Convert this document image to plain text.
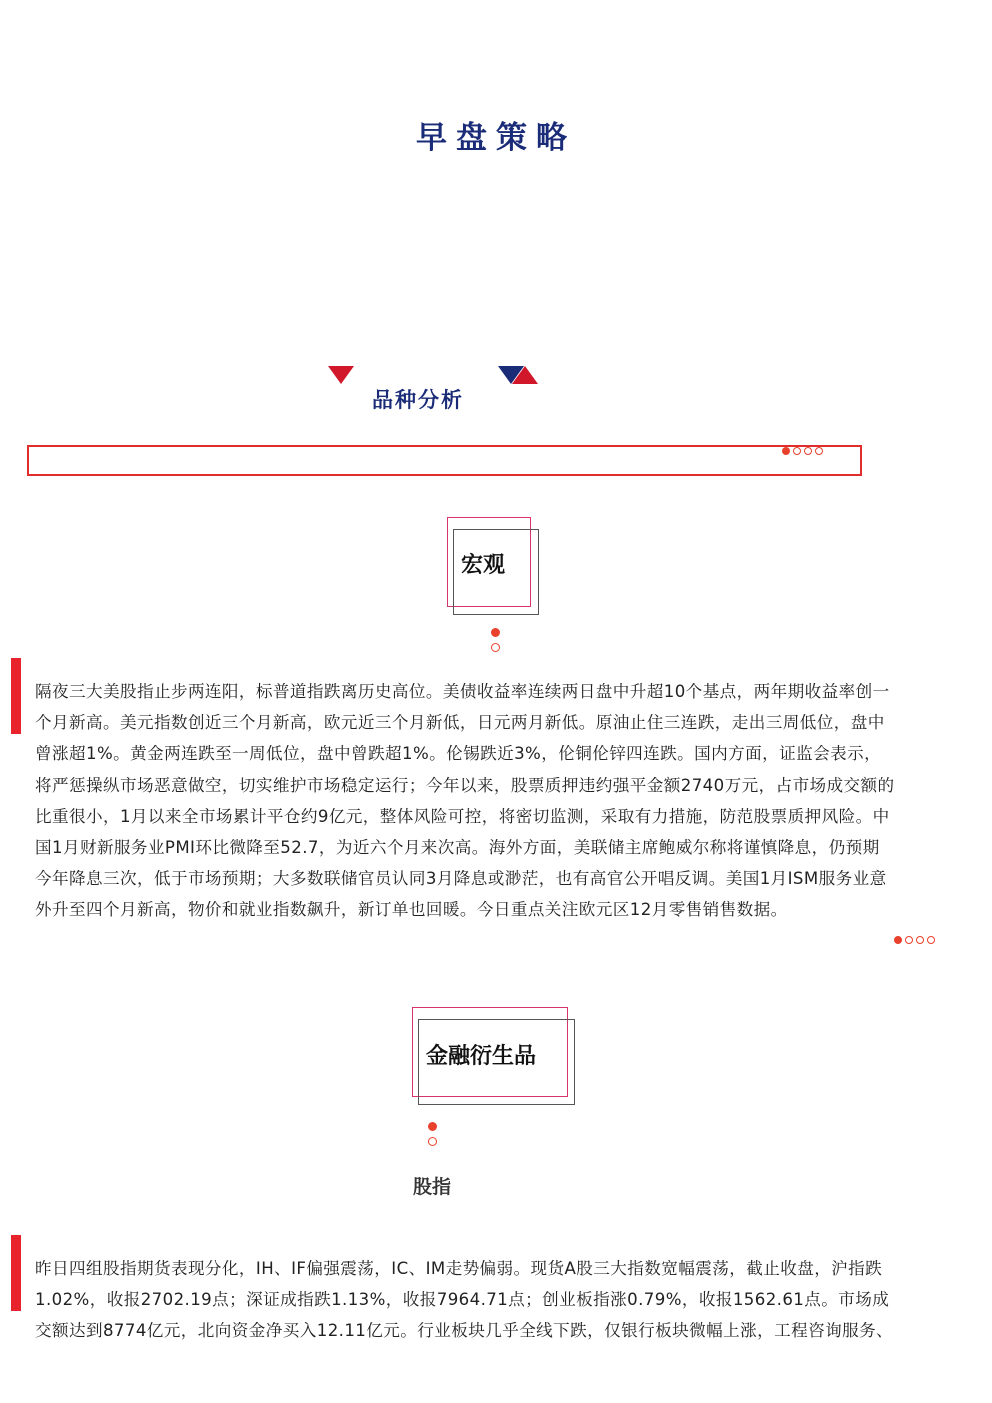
早盘策略
品种分析
宏观
隔夜三大美股指止步两连阳，标普道指跌离历史高位。美债收益率连续两日盘中升超10个基点，两年期收益率创一
个月新高。美元指数创近三个月新高，欧元近三个月新低，日元两月新低。原油止住三连跌，走出三周低位，盘中
曾涨超1%。黄金两连跌至一周低位，盘中曾跌超1%。伦锡跌近3%，伦铜伦锌四连跌。国内方面，证监会表示，
将严惩操纵市场恶意做空，切实维护市场稳定运行；今年以来，股票质押违约强平金额2740万元，占市场成交额的
比重很小，1月以来全市场累计平仓约9亿元，整体风险可控，将密切监测，采取有力措施，防范股票质押风险。中
国1月财新服务业PMI环比微降至52.7，为近六个月来次高。海外方面，美联储主席鲍威尔称将谨慎降息，仍预期
今年降息三次，低于市场预期；大多数联储官员认同3月降息或渺茫，也有高官公开唱反调。美国1月ISM服务业意
外升至四个月新高，物价和就业指数飙升，新订单也回暖。今日重点关注欧元区12月零售销售数据。
金融衍生品
股指
昨日四组股指期货表现分化，IH、IF偏强震荡，IC、IM走势偏弱。现货A股三大指数宽幅震荡，截止收盘，沪指跌
1.02%，收报2702.19点；深证成指跌1.13%，收报7964.71点；创业板指涨0.79%，收报1562.61点。市场成
交额达到8774亿元，北向资金净买入12.11亿元。行业板块几乎全线下跌，仅银行板块微幅上涨，工程咨询服务、
